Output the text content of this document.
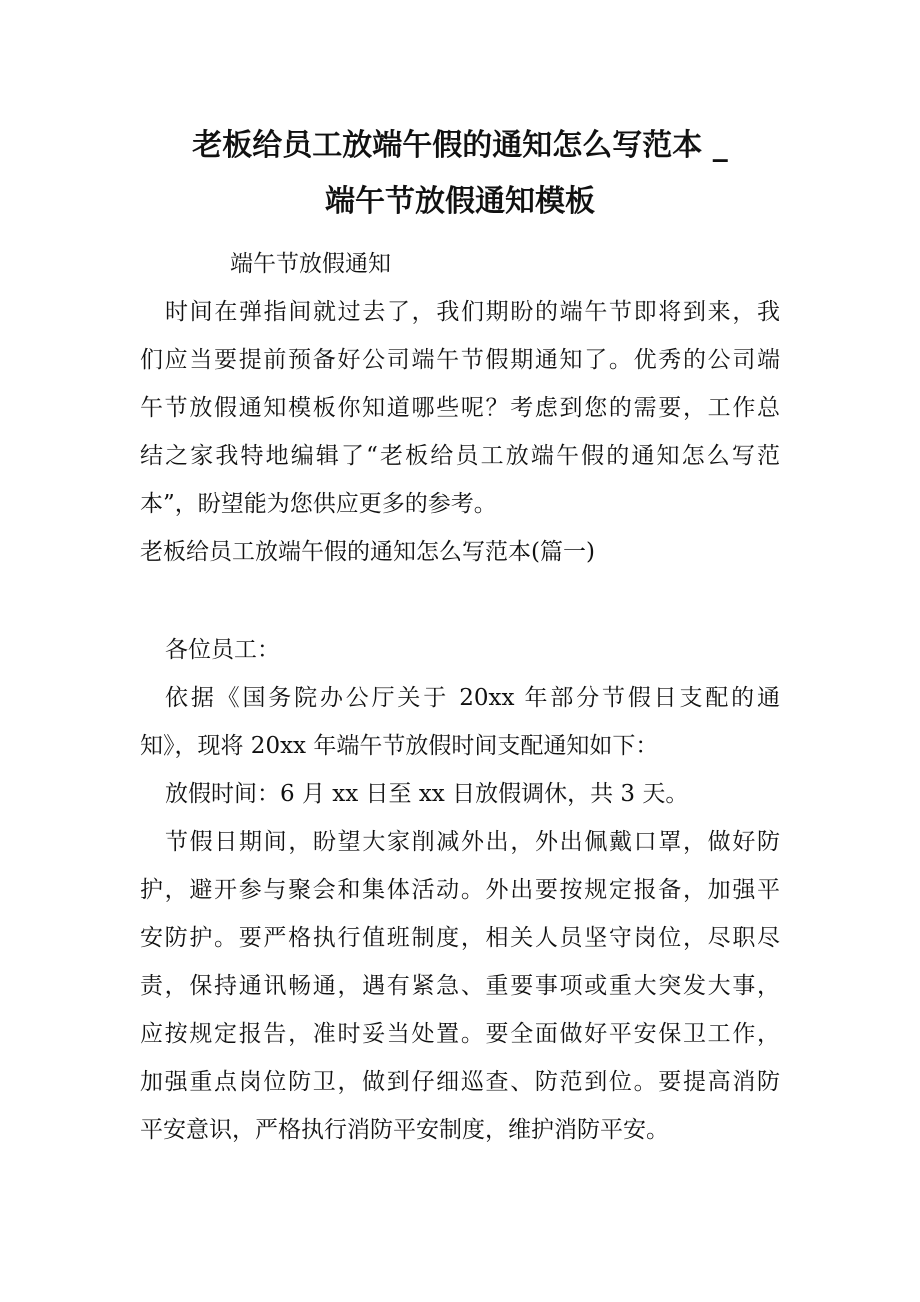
老板给员工放端午假的通知怎么写范本 _
端午节放假通知模板

端午节放假通知

时间在弹指间就过去了，我们期盼的端午节即将到来，我

们应当要提前预备好公司端午节假期通知了。优秀的公司端

午节放假通知模板你知道哪些呢？考虑到您的需要，工作总

结之家我特地编辑了“老板给员工放端午假的通知怎么写范

本”，盼望能为您供应更多的参考。

老板给员工放端午假的通知怎么写范本(篇一)

各位员工：

依据《国务院办公厅关于 20xx 年部分节假日支配的通

知》，现将 20xx 年端午节放假时间支配通知如下：

放假时间：6 月 xx 日至 xx 日放假调休，共 3 天。

节假日期间，盼望大家削减外出，外出佩戴口罩，做好防

护，避开参与聚会和集体活动。外出要按规定报备，加强平

安防护。要严格执行值班制度，相关人员坚守岗位，尽职尽

责，保持通讯畅通，遇有紧急、重要事项或重大突发大事，

应按规定报告，准时妥当处置。要全面做好平安保卫工作，

加强重点岗位防卫，做到仔细巡查、防范到位。要提高消防

平安意识，严格执行消防平安制度，维护消防平安。
